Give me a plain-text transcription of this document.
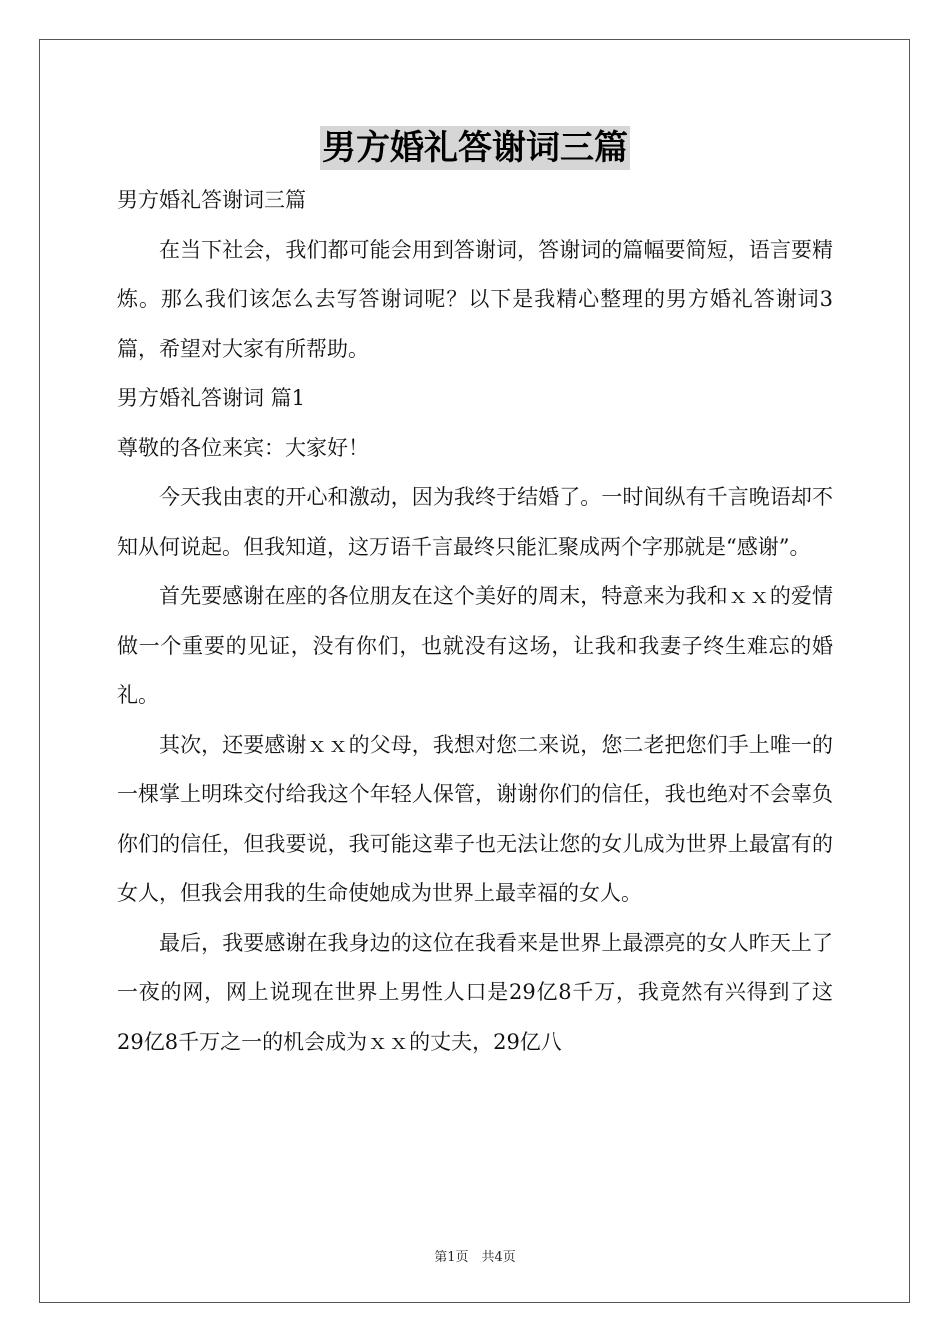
男方婚礼答谢词三篇

男方婚礼答谢词三篇

在当下社会，我们都可能会用到答谢词，答谢词的篇幅要简短，语言要精炼。那么我们该怎么去写答谢词呢？以下是我精心整理的男方婚礼答谢词3篇，希望对大家有所帮助。

男方婚礼答谢词 篇1

尊敬的各位来宾：大家好！

今天我由衷的开心和激动，因为我终于结婚了。一时间纵有千言晚语却不知从何说起。但我知道，这万语千言最终只能汇聚成两个字那就是“感谢”。

首先要感谢在座的各位朋友在这个美好的周末，特意来为我和ｘｘ的爱情做一个重要的见证，没有你们，也就没有这场，让我和我妻子终生难忘的婚礼。

其次，还要感谢ｘｘ的父母，我想对您二来说，您二老把您们手上唯一的一棵掌上明珠交付给我这个年轻人保管，谢谢你们的信任，我也绝对不会辜负你们的信任，但我要说，我可能这辈子也无法让您的女儿成为世界上最富有的女人，但我会用我的生命使她成为世界上最幸福的女人。

最后，我要感谢在我身边的这位在我看来是世界上最漂亮的女人昨天上了一夜的网，网上说现在世界上男性人口是29亿8千万，我竟然有兴得到了这29亿8千万之一的机会成为ｘｘ的丈夫，29亿八

第1页　共4页
